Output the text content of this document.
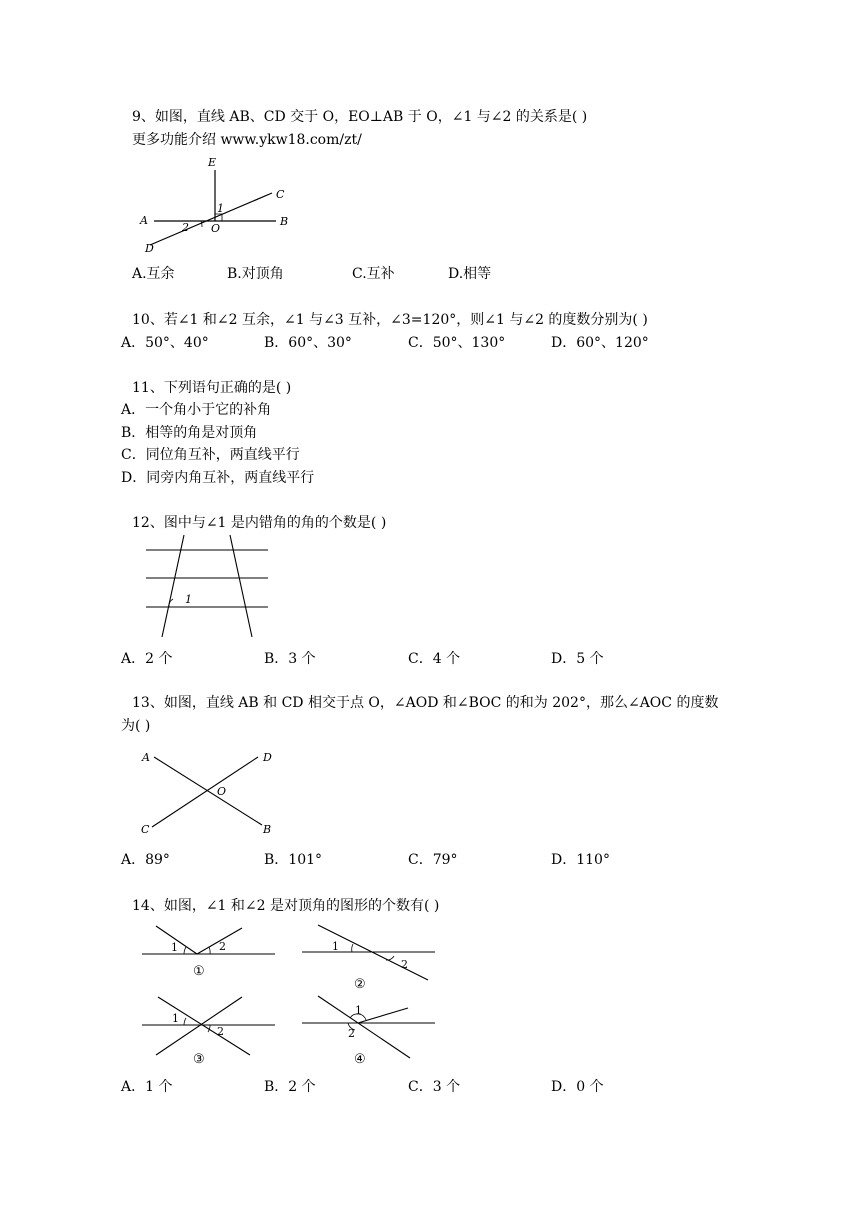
9、如图，直线 AB、CD 交于 O，EO⊥AB 于 O，∠1 与∠2 的关系是( )
更多功能介绍 www.ykw18.com/zt/
E
C
A	B
O
D
1
2
A.互余	B.对顶角	C.互补	D.相等
10、若∠1 和∠2 互余，∠1 与∠3 互补，∠3=120°，则∠1 与∠2 的度数分别为( )
A．50°、40°	B．60°、30°	C．50°、130°	D．60°、120°
11、下列语句正确的是( )
A．一个角小于它的补角
B．相等的角是对顶角
C．同位角互补，两直线平行
D．同旁内角互补，两直线平行
12、图中与∠1 是内错角的角的个数是( )
1
A．2 个	B．3 个	C．4 个	D．5 个
13、如图，直线 AB 和 CD 相交于点 O，∠AOD 和∠BOC 的和为 202°，那么∠AOC 的度数
为( )
A	D
O
C	B
A．89°	B．101°	C．79°	D．110°
14、如图，∠1 和∠2 是对顶角的图形的个数有( )
1	2
①
1
2
②
1
2
③
1
2
④
A．1 个	B．2 个	C．3 个	D．0 个
